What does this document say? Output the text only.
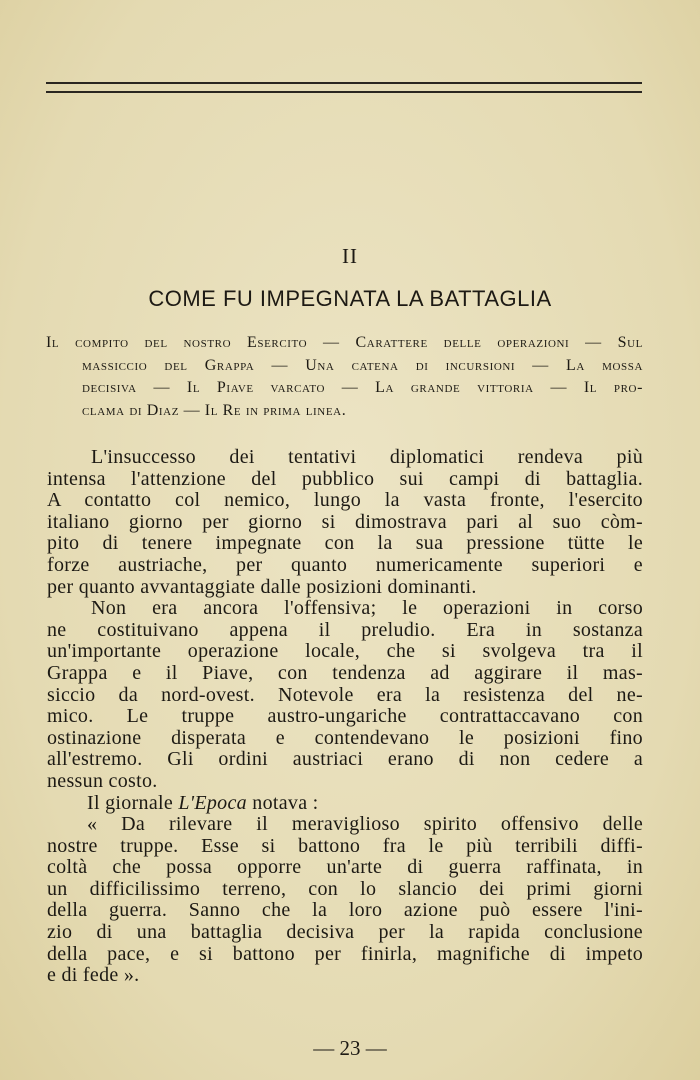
II
COME FU IMPEGNATA LA BATTAGLIA
Il compito del nostro Esercito — Carattere delle operazioni — Sul
massiccio del Grappa — Una catena di incursioni — La mossa
decisiva — Il Piave varcato — La grande vittoria — Il pro-
clama di Diaz — Il Re in prima linea.
L'insuccesso dei tentativi diplomatici rendeva più
intensa l'attenzione del pubblico sui campi di battaglia.
A contatto col nemico, lungo la vasta fronte, l'esercito
italiano giorno per giorno si dimostrava pari al suo còm-
pito di tenere impegnate con la sua pressione tütte le
forze austriache, per quanto numericamente superiori e
per quanto avvantaggiate dalle posizioni dominanti.
Non era ancora l'offensiva; le operazioni in corso
ne costituivano appena il preludio. Era in sostanza
un'importante operazione locale, che si svolgeva tra il
Grappa e il Piave, con tendenza ad aggirare il mas-
siccio da nord-ovest. Notevole era la resistenza del ne-
mico. Le truppe austro-ungariche contrattaccavano con
ostinazione disperata e contendevano le posizioni fino
all'estremo. Gli ordini austriaci erano di non cedere a
nessun costo.
Il giornale L'Epoca notava :
« Da rilevare il meraviglioso spirito offensivo delle
nostre truppe. Esse si battono fra le più terribili diffi-
coltà che possa opporre un'arte di guerra raffinata, in
un difficilissimo terreno, con lo slancio dei primi giorni
della guerra. Sanno che la loro azione può essere l'ini-
zio di una battaglia decisiva per la rapida conclusione
della pace, e si battono per finirla, magnifiche di impeto
e di fede ».
— 23 —
